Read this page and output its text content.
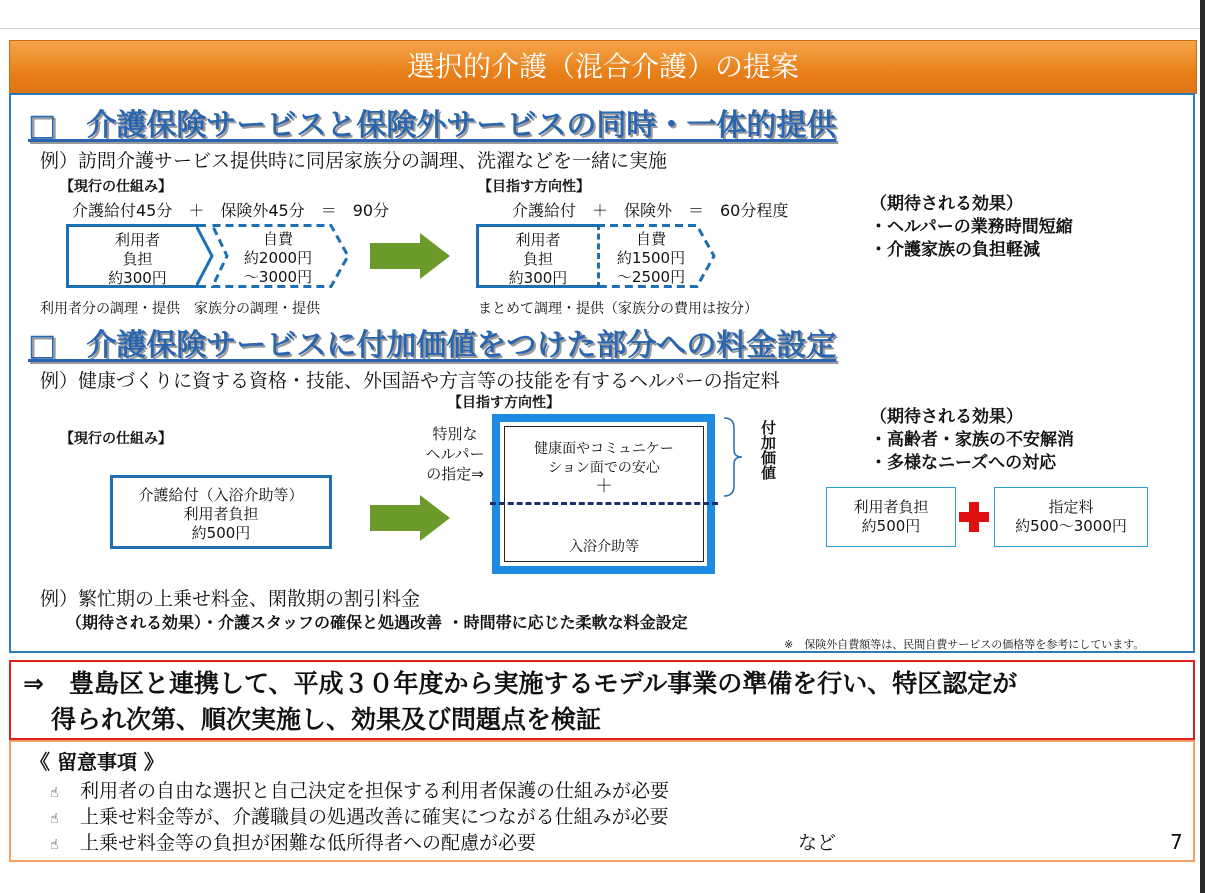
選択的介護（混合介護）の提案
□　介護保険サービスと保険外サービスの同時・一体的提供
例）訪問介護サービス提供時に同居家族分の調理、洗濯などを一緒に実施
【現行の仕組み】
介護給付45分　＋　保険外45分　＝　90分
利用者
負担
約300円
自費
約2000円
～3000円
利用者分の調理・提供　家族分の調理・提供
【目指す方向性】
介護給付　＋　保険外　＝　60分程度
利用者
負担
約300円
自費
約1500円
～2500円
まとめて調理・提供（家族分の費用は按分）
（期待される効果）
・ヘルパーの業務時間短縮
・介護家族の負担軽減
□　介護保険サービスに付加価値をつけた部分への料金設定
例）健康づくりに資する資格・技能、外国語や方言等の技能を有するヘルパーの指定料
【目指す方向性】
【現行の仕組み】
介護給付（入浴介助等）
利用者負担
約500円
特別な
ヘルパー
の指定⇒
健康面やコミュニケー
ション面での安心
＋
入浴介助等
付加価値
（期待される効果）
・高齢者・家族の不安解消
・多様なニーズへの対応
利用者負担
約500円
指定料
約500～3000円
例）繁忙期の上乗せ料金、閑散期の割引料金
（期待される効果）・介護スタッフの確保と処遇改善 ・時間帯に応じた柔軟な料金設定
※　保険外自費額等は、民間自費サービスの価格等を参考にしています。
⇒　豊島区と連携して、平成３０年度から実施するモデル事業の準備を行い、特区認定が
得られ次第、順次実施し、効果及び問題点を検証
《 留意事項 》
☝ 利用者の自由な選択と自己決定を担保する利用者保護の仕組みが必要
☝ 上乗せ料金等が、介護職員の処遇改善に確実につながる仕組みが必要
☝ 上乗せ料金等の負担が困難な低所得者への配慮が必要	など	7
